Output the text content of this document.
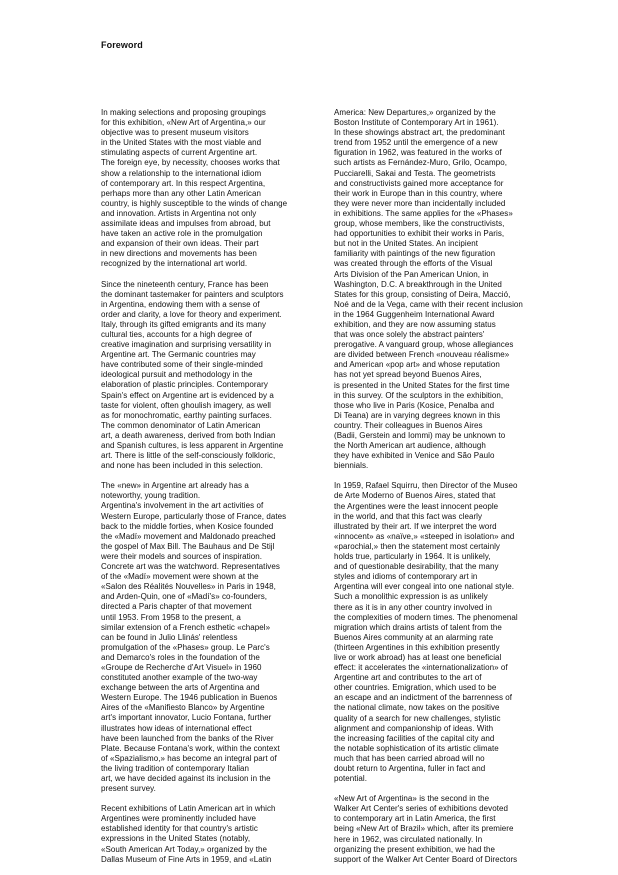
Foreword

In making selections and proposing groupings
for this exhibition, «New Art of Argentina,» our
objective was to present museum visitors
in the United States with the most viable and
stimulating aspects of current Argentine art.
The foreign eye, by necessity, chooses works that
show a relationship to the international idiom
of contemporary art. In this respect Argentina,
perhaps more than any other Latin American
country, is highly susceptible to the winds of change
and innovation. Artists in Argentina not only
assimilate ideas and impulses from abroad, but
have taken an active role in the promulgation
and expansion of their own ideas. Their part
in new directions and movements has been
recognized by the international art world.

Since the nineteenth century, France has been
the dominant tastemaker for painters and sculptors
in Argentina, endowing them with a sense of
order and clarity, a love for theory and experiment.
Italy, through its gifted emigrants and its many
cultural ties, accounts for a high degree of
creative imagination and surprising versatility in
Argentine art. The Germanic countries may
have contributed some of their single-minded
ideological pursuit and methodology in the
elaboration of plastic principles. Contemporary
Spain's effect on Argentine art is evidenced by a
taste for violent, often ghoulish imagery, as well
as for monochromatic, earthy painting surfaces.
The common denominator of Latin American
art, a death awareness, derived from both Indian
and Spanish cultures, is less apparent in Argentine
art. There is little of the self-consciously folkloric,
and none has been included in this selection.

The «new» in Argentine art already has a
noteworthy, young tradition.
Argentina's involvement in the art activities of
Western Europe, particularly those of France, dates
back to the middle forties, when Kosice founded
the «Madí» movement and Maldonado preached
the gospel of Max Bill. The Bauhaus and De Stijl
were their models and sources of inspiration.
Concrete art was the watchword. Representatives
of the «Madí» movement were shown at the
«Salon des Réalités Nouvelles» in Paris in 1948,
and Arden-Quin, one of «Madí's» co-founders,
directed a Paris chapter of that movement
until 1953. From 1958 to the present, a
similar extension of a French esthetic «chapel»
can be found in Julio Llinás' relentless
promulgation of the «Phases» group. Le Parc's
and Demarco's roles in the foundation of the
«Groupe de Recherche d'Art Visuel» in 1960
constituted another example of the two-way
exchange between the arts of Argentina and
Western Europe. The 1946 publication in Buenos
Aires of the «Manifiesto Blanco» by Argentine
art's important innovator, Lucio Fontana, further
illustrates how ideas of international effect
have been launched from the banks of the River
Plate. Because Fontana's work, within the context
of «Spazialismo,» has become an integral part of
the living tradition of contemporary Italian
art, we have decided against its inclusion in the
present survey.

Recent exhibitions of Latin American art in which
Argentines were prominently included have
established identity for that country's artistic
expressions in the United States (notably,
«South American Art Today,» organized by the
Dallas Museum of Fine Arts in 1959, and «Latin

America: New Departures,» organized by the
Boston Institute of Contemporary Art in 1961).
In these showings abstract art, the predominant
trend from 1952 until the emergence of a new
figuration in 1962, was featured in the works of
such artists as Fernández-Muro, Grilo, Ocampo,
Pucciarelli, Sakai and Testa. The geometrists
and constructivists gained more acceptance for
their work in Europe than in this country, where
they were never more than incidentally included
in exhibitions. The same applies for the «Phases»
group, whose members, like the constructivists,
had opportunities to exhibit their works in Paris,
but not in the United States. An incipient
familiarity with paintings of the new figuration
was created through the efforts of the Visual
Arts Division of the Pan American Union, in
Washington, D.C. A breakthrough in the United
States for this group, consisting of Deira, Macció,
Noé and de la Vega, came with their recent inclusion
in the 1964 Guggenheim International Award
exhibition, and they are now assuming status
that was once solely the abstract painters'
prerogative. A vanguard group, whose allegiances
are divided between French «nouveau réalisme»
and American «pop art» and whose reputation
has not yet spread beyond Buenos Aires,
is presented in the United States for the first time
in this survey. Of the sculptors in the exhibition,
those who live in Paris (Kosice, Penalba and
Di Teana) are in varying degrees known in this
country. Their colleagues in Buenos Aires
(Badii, Gerstein and Iommi) may be unknown to
the North American art audience, although
they have exhibited in Venice and São Paulo
biennials.

In 1959, Rafael Squirru, then Director of the Museo
de Arte Moderno of Buenos Aires, stated that
the Argentines were the least innocent people
in the world, and that this fact was clearly
illustrated by their art. If we interpret the word
«innocent» as «naïve,» «steeped in isolation» and
«parochial,» then the statement most certainly
holds true, particularly in 1964. It is unlikely,
and of questionable desirability, that the many
styles and idioms of contemporary art in
Argentina will ever congeal into one national style.
Such a monolithic expression is as unlikely
there as it is in any other country involved in
the complexities of modern times. The phenomenal
migration which drains artists of talent from the
Buenos Aires community at an alarming rate
(thirteen Argentines in this exhibition presently
live or work abroad) has at least one beneficial
effect: it accelerates the «internationalization» of
Argentine art and contributes to the art of
other countries. Emigration, which used to be
an escape and an indictment of the barrenness of
the national climate, now takes on the positive
quality of a search for new challenges, stylistic
alignment and companionship of ideas. With
the increasing facilities of the capital city and
the notable sophistication of its artistic climate
much that has been carried abroad will no
doubt return to Argentina, fuller in fact and
potential.

«New Art of Argentina» is the second in the
Walker Art Center's series of exhibitions devoted
to contemporary art in Latin America, the first
being «New Art of Brazil» which, after its premiere
here in 1962, was circulated nationally. In
organizing the present exhibition, we had the
support of the Walker Art Center Board of Directors
